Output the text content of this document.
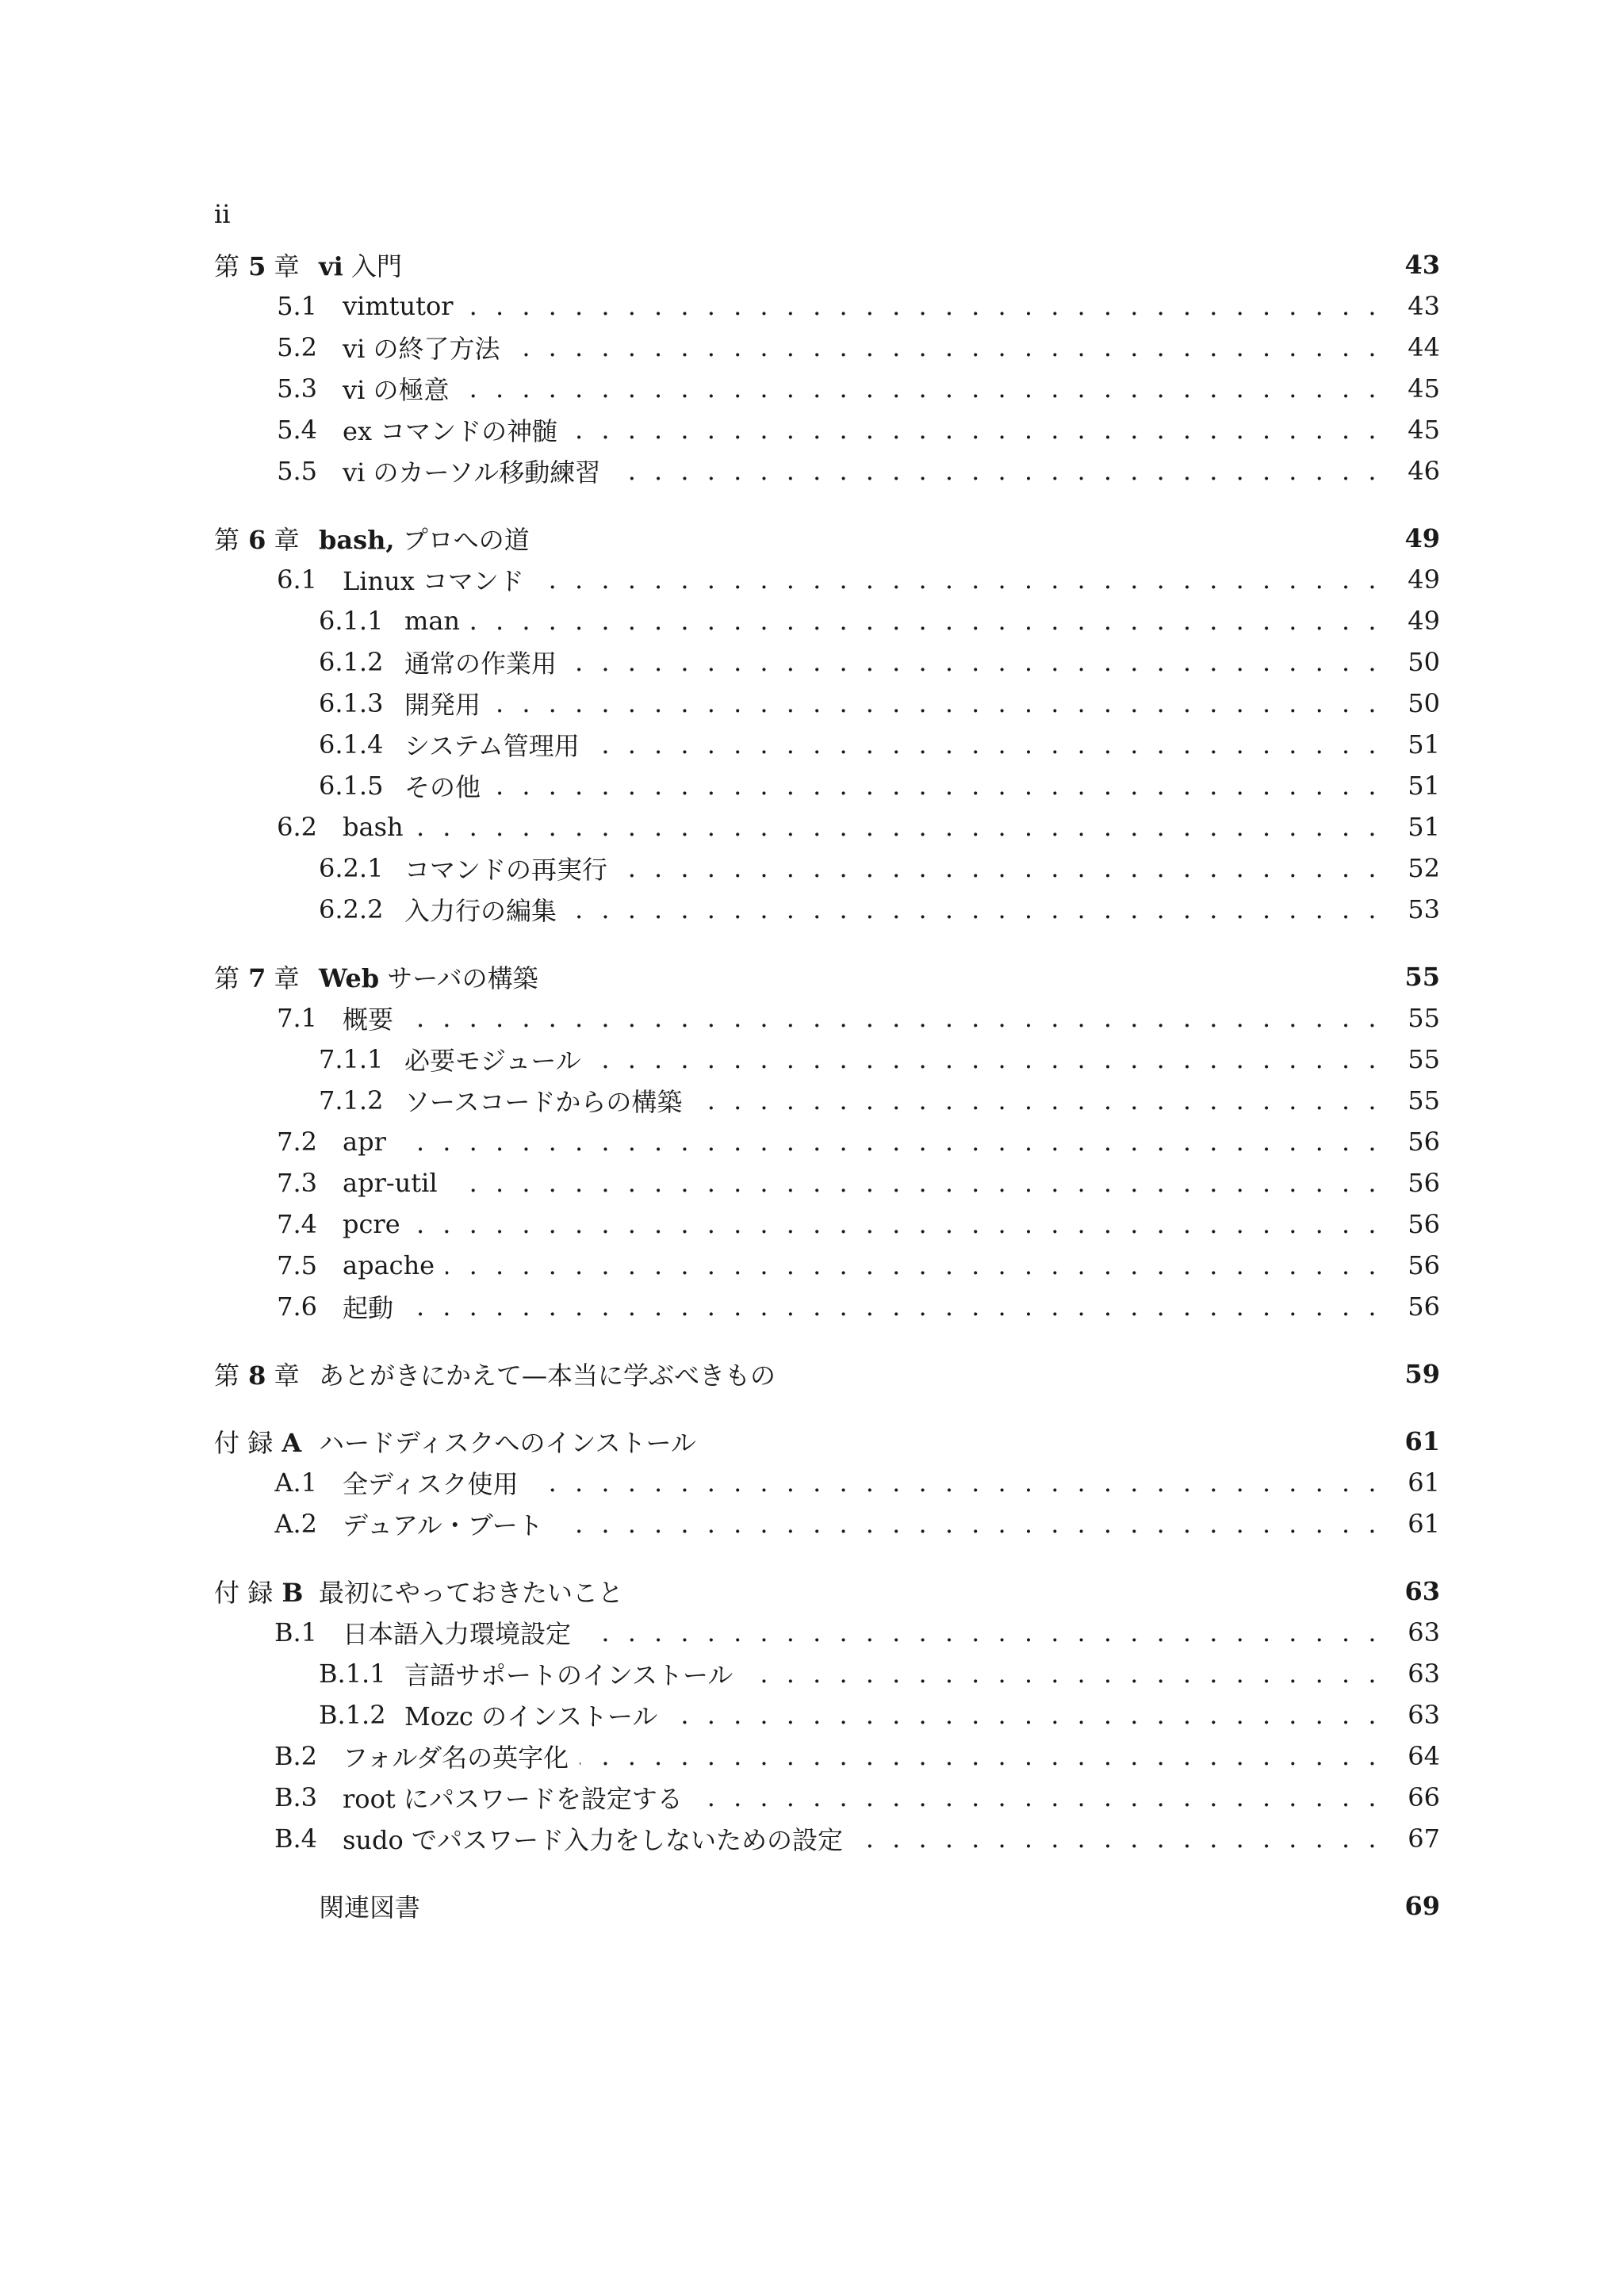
ii
第 5 章 vi 入門	43
5.1 vimtutor . . .	43
5.2 vi の終了方法 . . .	44
5.3 vi の極意 . . .	45
5.4 ex コマンドの神髄 . . .	45
5.5 vi のカーソル移動練習 . . .	46
第 6 章 bash, プロへの道	49
6.1 Linux コマンド . . .	49
6.1.1 man . . .	49
6.1.2 通常の作業用 . . .	50
6.1.3 開発用 . . .	50
6.1.4 システム管理用 . . .	51
6.1.5 その他 . . .	51
6.2 bash . . .	51
6.2.1 コマンドの再実行 . . .	52
6.2.2 入力行の編集 . . .	53
第 7 章 Web サーバの構築	55
7.1 概要 . . .	55
7.1.1 必要モジュール . . .	55
7.1.2 ソースコードからの構築 . . .	55
7.2 apr . . .	56
7.3 apr-util . . .	56
7.4 pcre . . .	56
7.5 apache . . .	56
7.6 起動 . . .	56
第 8 章 あとがきにかえて—本当に学ぶべきもの	59
付 録 A ハードディスクへのインストール	61
A.1 全ディスク使用 . . .	61
A.2 デュアル・ブート . . .	61
付 録 B 最初にやっておきたいこと	63
B.1 日本語入力環境設定 . . .	63
B.1.1 言語サポートのインストール . . .	63
B.1.2 Mozc のインストール . . .	63
B.2 フォルダ名の英字化 . . .	64
B.3 root にパスワードを設定する . . .	66
B.4 sudo でパスワード入力をしないための設定 . . .	67
関連図書	69
